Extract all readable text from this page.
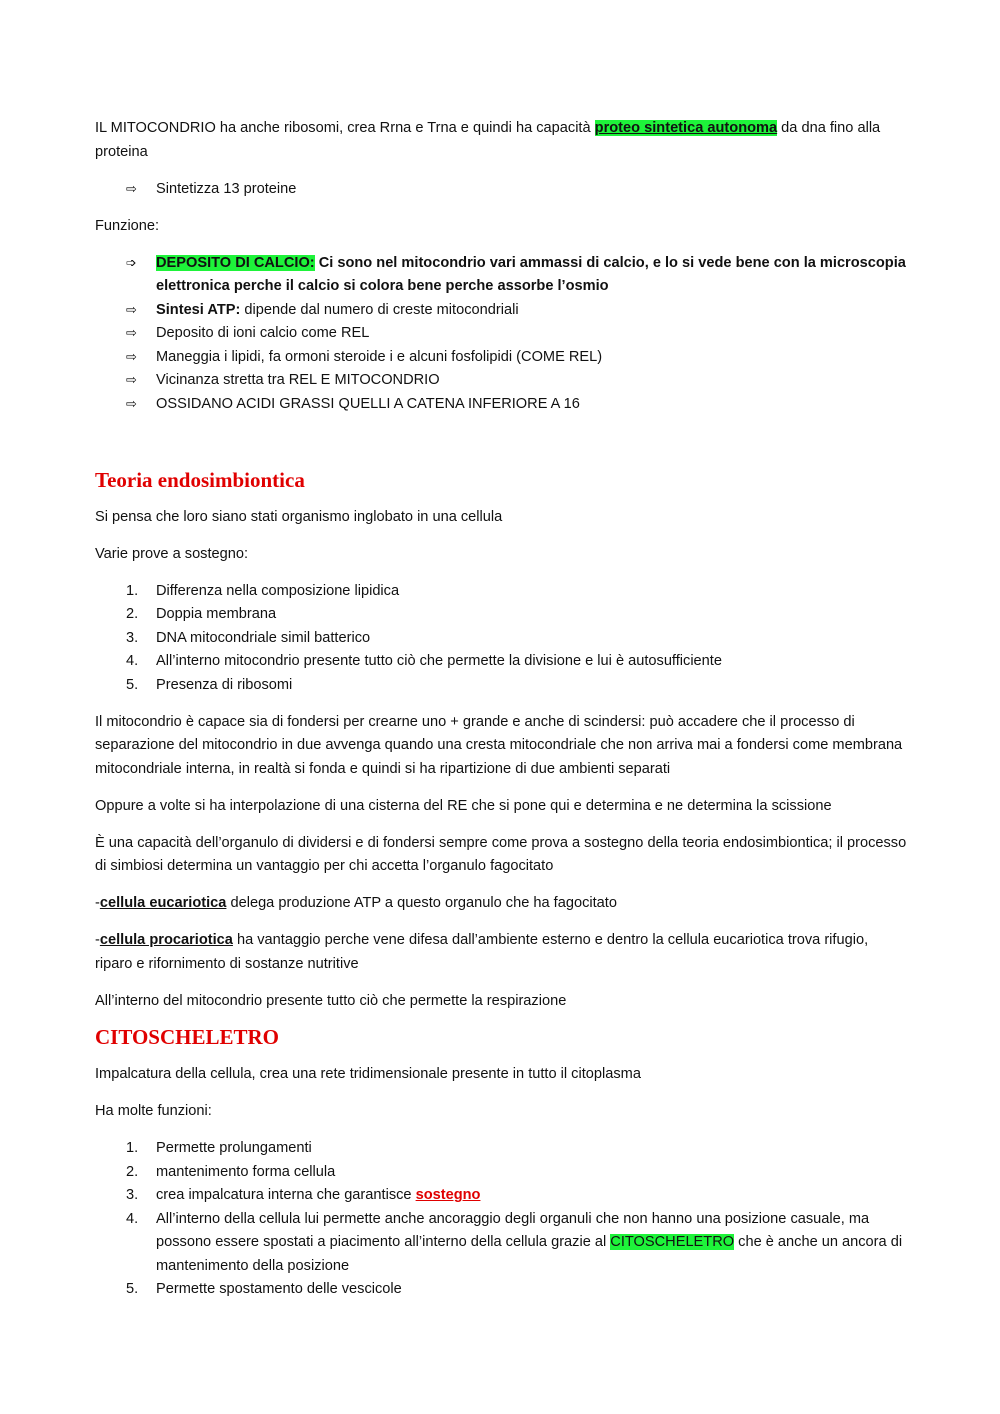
IL MITOCONDRIO ha anche ribosomi, crea Rrna e Trna e quindi ha capacità proteo sintetica autonoma da dna fino alla proteina

⇨ Sintetizza 13 proteine

Funzione:

➩ DEPOSITO DI CALCIO: Ci sono nel mitocondrio vari ammassi di calcio, e lo si vede bene con la microscopia elettronica perche il calcio si colora bene perche assorbe l’osmio
⇨ Sintesi ATP: dipende dal numero di creste mitocondriali
⇨ Deposito di ioni calcio come REL
⇨ Maneggia i lipidi, fa ormoni steroide i e alcuni fosfolipidi (COME REL)
⇨ Vicinanza stretta tra REL E MITOCONDRIO
⇨ OSSIDANO ACIDI GRASSI QUELLI A CATENA INFERIORE A 16
Teoria endosimbiontica

Si pensa che loro siano stati organismo inglobato in una cellula

Varie prove a sostegno:

1. Differenza nella composizione lipidica
2. Doppia membrana
3. DNA mitocondriale simil batterico
4. All’interno mitocondrio presente tutto ciò che permette la divisione e lui è autosufficiente
5. Presenza di ribosomi

Il mitocondrio è capace sia di fondersi per crearne uno + grande e anche di scindersi: può accadere che il processo di separazione del mitocondrio in due avvenga quando una cresta mitocondriale che non arriva mai a fondersi come membrana mitocondriale interna, in realtà si fonda e quindi si ha ripartizione di due ambienti separati

Oppure a volte si ha interpolazione di una cisterna del RE che si pone qui e determina e ne determina la scissione

È una capacità dell’organulo di dividersi e di fondersi sempre come prova a sostegno della teoria endosimbiontica; il processo di simbiosi determina un vantaggio per chi accetta l’organulo fagocitato

-cellula eucariotica delega produzione ATP a questo organulo che ha fagocitato

-cellula procariotica ha vantaggio perche vene difesa dall’ambiente esterno e dentro la cellula eucariotica trova rifugio, riparo e rifornimento di sostanze nutritive

All’interno del mitocondrio presente tutto ciò che permette la respirazione

CITOSCHELETRO

Impalcatura della cellula, crea una rete tridimensionale presente in tutto il citoplasma

Ha molte funzioni:

1. Permette prolungamenti
2. mantenimento forma cellula
3. crea impalcatura interna che garantisce sostegno
4. All’interno della cellula lui permette anche ancoraggio degli organuli che non hanno una posizione casuale, ma possono essere spostati a piacimento all’interno della cellula grazie al CITOSCHELETRO che è anche un ancora di mantenimento della posizione
5. Permette spostamento delle vescicole
